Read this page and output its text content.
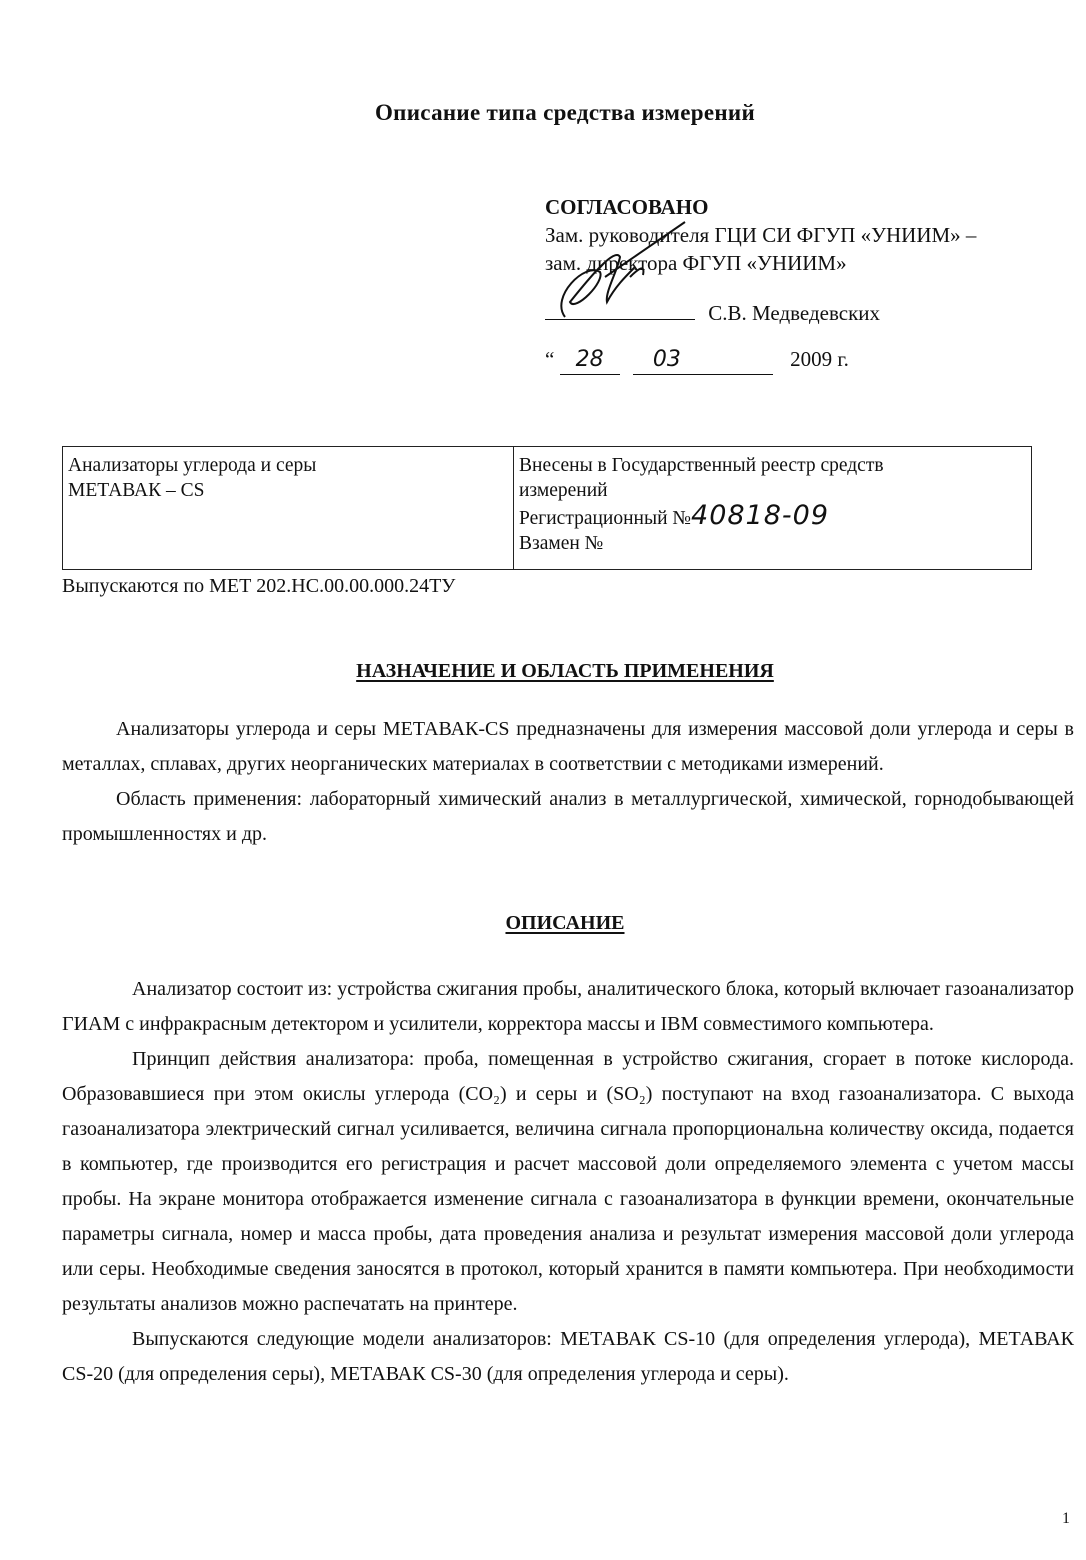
Описание типа средства измерений
СОГЛАСОВАНО
Зам. руководителя ГЦИ СИ ФГУП «УНИИМ» –
зам. директора ФГУП «УНИИМ»
С.В. Медведевских
“ 28 03	2009 г.
Анализаторы углерода и серы
МЕТАВАК – CS

Внесены в Государственный реестр средств
измерений
Регистрационный №40818-09
Взамен №
Выпускаются по МЕТ 202.НС.00.00.000.24ТУ
НАЗНАЧЕНИЕ И ОБЛАСТЬ ПРИМЕНЕНИЯ

Анализаторы углерода и серы МЕТАВАК-CS предназначены для измерения массовой доли углерода и серы в металлах, сплавах, других неорганических материалах в соответствии с методиками измерений.

Область применения: лабораторный химический анализ в металлургической, химической, горнодобывающей промышленностях и др.

ОПИСАНИЕ

Анализатор состоит из: устройства сжигания пробы, аналитического блока, который включает газоанализатор ГИАМ с инфракрасным детектором и усилители, корректора массы и IBM совместимого компьютера.

Принцип действия анализатора: проба, помещенная в устройство сжигания, сгорает в потоке кислорода. Образовавшиеся при этом окислы углерода (CO₂) и серы и (SO₂) поступают на вход газоанализатора. С выхода газоанализатора электрический сигнал усиливается, величина сигнала пропорциональна количеству оксида, подается в компьютер, где производится его регистрация и расчет массовой доли определяемого элемента с учетом массы пробы. На экране монитора отображается изменение сигнала с газоанализатора в функции времени, окончательные параметры сигнала, номер и масса пробы, дата проведения анализа и результат измерения массовой доли углерода или серы. Необходимые сведения заносятся в протокол, который хранится в памяти компьютера. При необходимости результаты анализов можно распечатать на принтере.

Выпускаются следующие модели анализаторов: МЕТАВАК CS-10 (для определения углерода), МЕТАВАК CS-20 (для определения серы), МЕТАВАК CS-30 (для определения углерода и серы).

1
